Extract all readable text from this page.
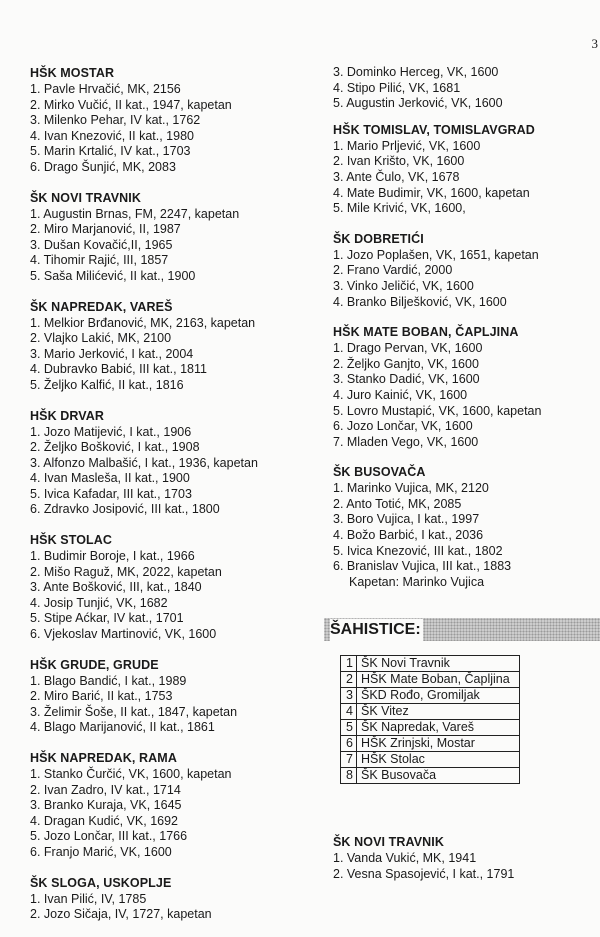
3
HŠK MOSTAR
1. Pavle Hrvačić, MK, 2156
2. Mirko Vučić, II kat., 1947, kapetan
3. Milenko Pehar, IV kat., 1762
4. Ivan Knezović, II kat., 1980
5. Marin Krtalić, IV kat., 1703
6. Drago Šunjić, MK, 2083
ŠK NOVI TRAVNIK
1. Augustin Brnas, FM, 2247, kapetan
2. Miro Marjanović, II, 1987
3. Dušan Kovačić,II, 1965
4. Tihomir Rajić, III, 1857
5. Saša Milićević, II kat., 1900
ŠK NAPREDAK, VAREŠ
1. Melkior Brđanović, MK, 2163, kapetan
2. Vlajko Lakić, MK, 2100
3. Mario Jerković, I kat., 2004
4. Dubravko Babić, III kat., 1811
5. Željko Kalfić, II kat., 1816
HŠK DRVAR
1. Jozo Matijević, I kat., 1906
2. Željko Bošković, I kat., 1908
3. Alfonzo Malbašić, I kat., 1936, kapetan
4. Ivan Masleša, II kat., 1900
5. Ivica Kafadar, III kat., 1703
6. Zdravko Josipović, III kat., 1800
HŠK STOLAC
1. Budimir Boroje, I kat., 1966
2. Mišo Raguž, MK, 2022, kapetan
3. Ante Bošković, III, kat., 1840
4. Josip Tunjić, VK, 1682
5. Stipe Aćkar, IV kat., 1701
6. Vjekoslav Martinović, VK, 1600
HŠK GRUDE, GRUDE
1. Blago Bandić, I kat., 1989
2. Miro Barić, II kat., 1753
3. Želimir Šoše, II kat., 1847, kapetan
4. Blago Marijanović, II kat., 1861
HŠK NAPREDAK, RAMA
1. Stanko Čurčić, VK, 1600, kapetan
2. Ivan Zadro, IV kat., 1714
3. Branko Kuraja, VK, 1645
4. Dragan Kudić, VK, 1692
5. Jozo Lončar, III kat., 1766
6. Franjo Marić, VK, 1600
ŠK SLOGA, USKOPLJE
1. Ivan Pilić, IV, 1785
2. Jozo Sičaja, IV, 1727, kapetan
3. Dominko Herceg, VK, 1600
4. Stipo Pilić, VK, 1681
5. Augustin Jerković, VK, 1600
HŠK TOMISLAV, TOMISLAVGRAD
1. Mario Prljević, VK, 1600
2. Ivan Krišto, VK, 1600
3. Ante Čulo, VK, 1678
4. Mate Budimir, VK, 1600, kapetan
5. Mile Krivić, VK, 1600,
ŠK DOBRETIĆI
1. Jozo Poplašen, VK, 1651, kapetan
2. Frano Vardić, 2000
3. Vinko Jeličić, VK, 1600
4. Branko Bilješković, VK, 1600
HŠK MATE BOBAN, ČAPLJINA
1. Drago Pervan, VK, 1600
2. Željko Ganjto, VK, 1600
3. Stanko Dadić, VK, 1600
4. Juro Kainić, VK, 1600
5. Lovro Mustapić, VK, 1600, kapetan
6. Jozo Lončar, VK, 1600
7. Mladen Vego, VK, 1600
ŠK BUSOVAČA
1. Marinko Vujica, MK, 2120
2. Anto Totić, MK, 2085
3. Boro Vujica, I kat., 1997
4. Božo Barbić, I kat., 2036
5. Ivica Knezović, III kat., 1802
6. Branislav Vujica, III kat., 1883
Kapetan: Marinko Vujica
ŠAHISTICE:
1	ŠK Novi Travnik
2	HŠK Mate Boban, Čapljina
3	ŠKD Rođo, Gromiljak
4	ŠK Vitez
5	ŠK Napredak, Vareš
6	HŠK Zrinjski, Mostar
7	HŠK Stolac
8	ŠK Busovača
ŠK NOVI TRAVNIK
1. Vanda Vukić, MK, 1941
2. Vesna Spasojević, I kat., 1791
